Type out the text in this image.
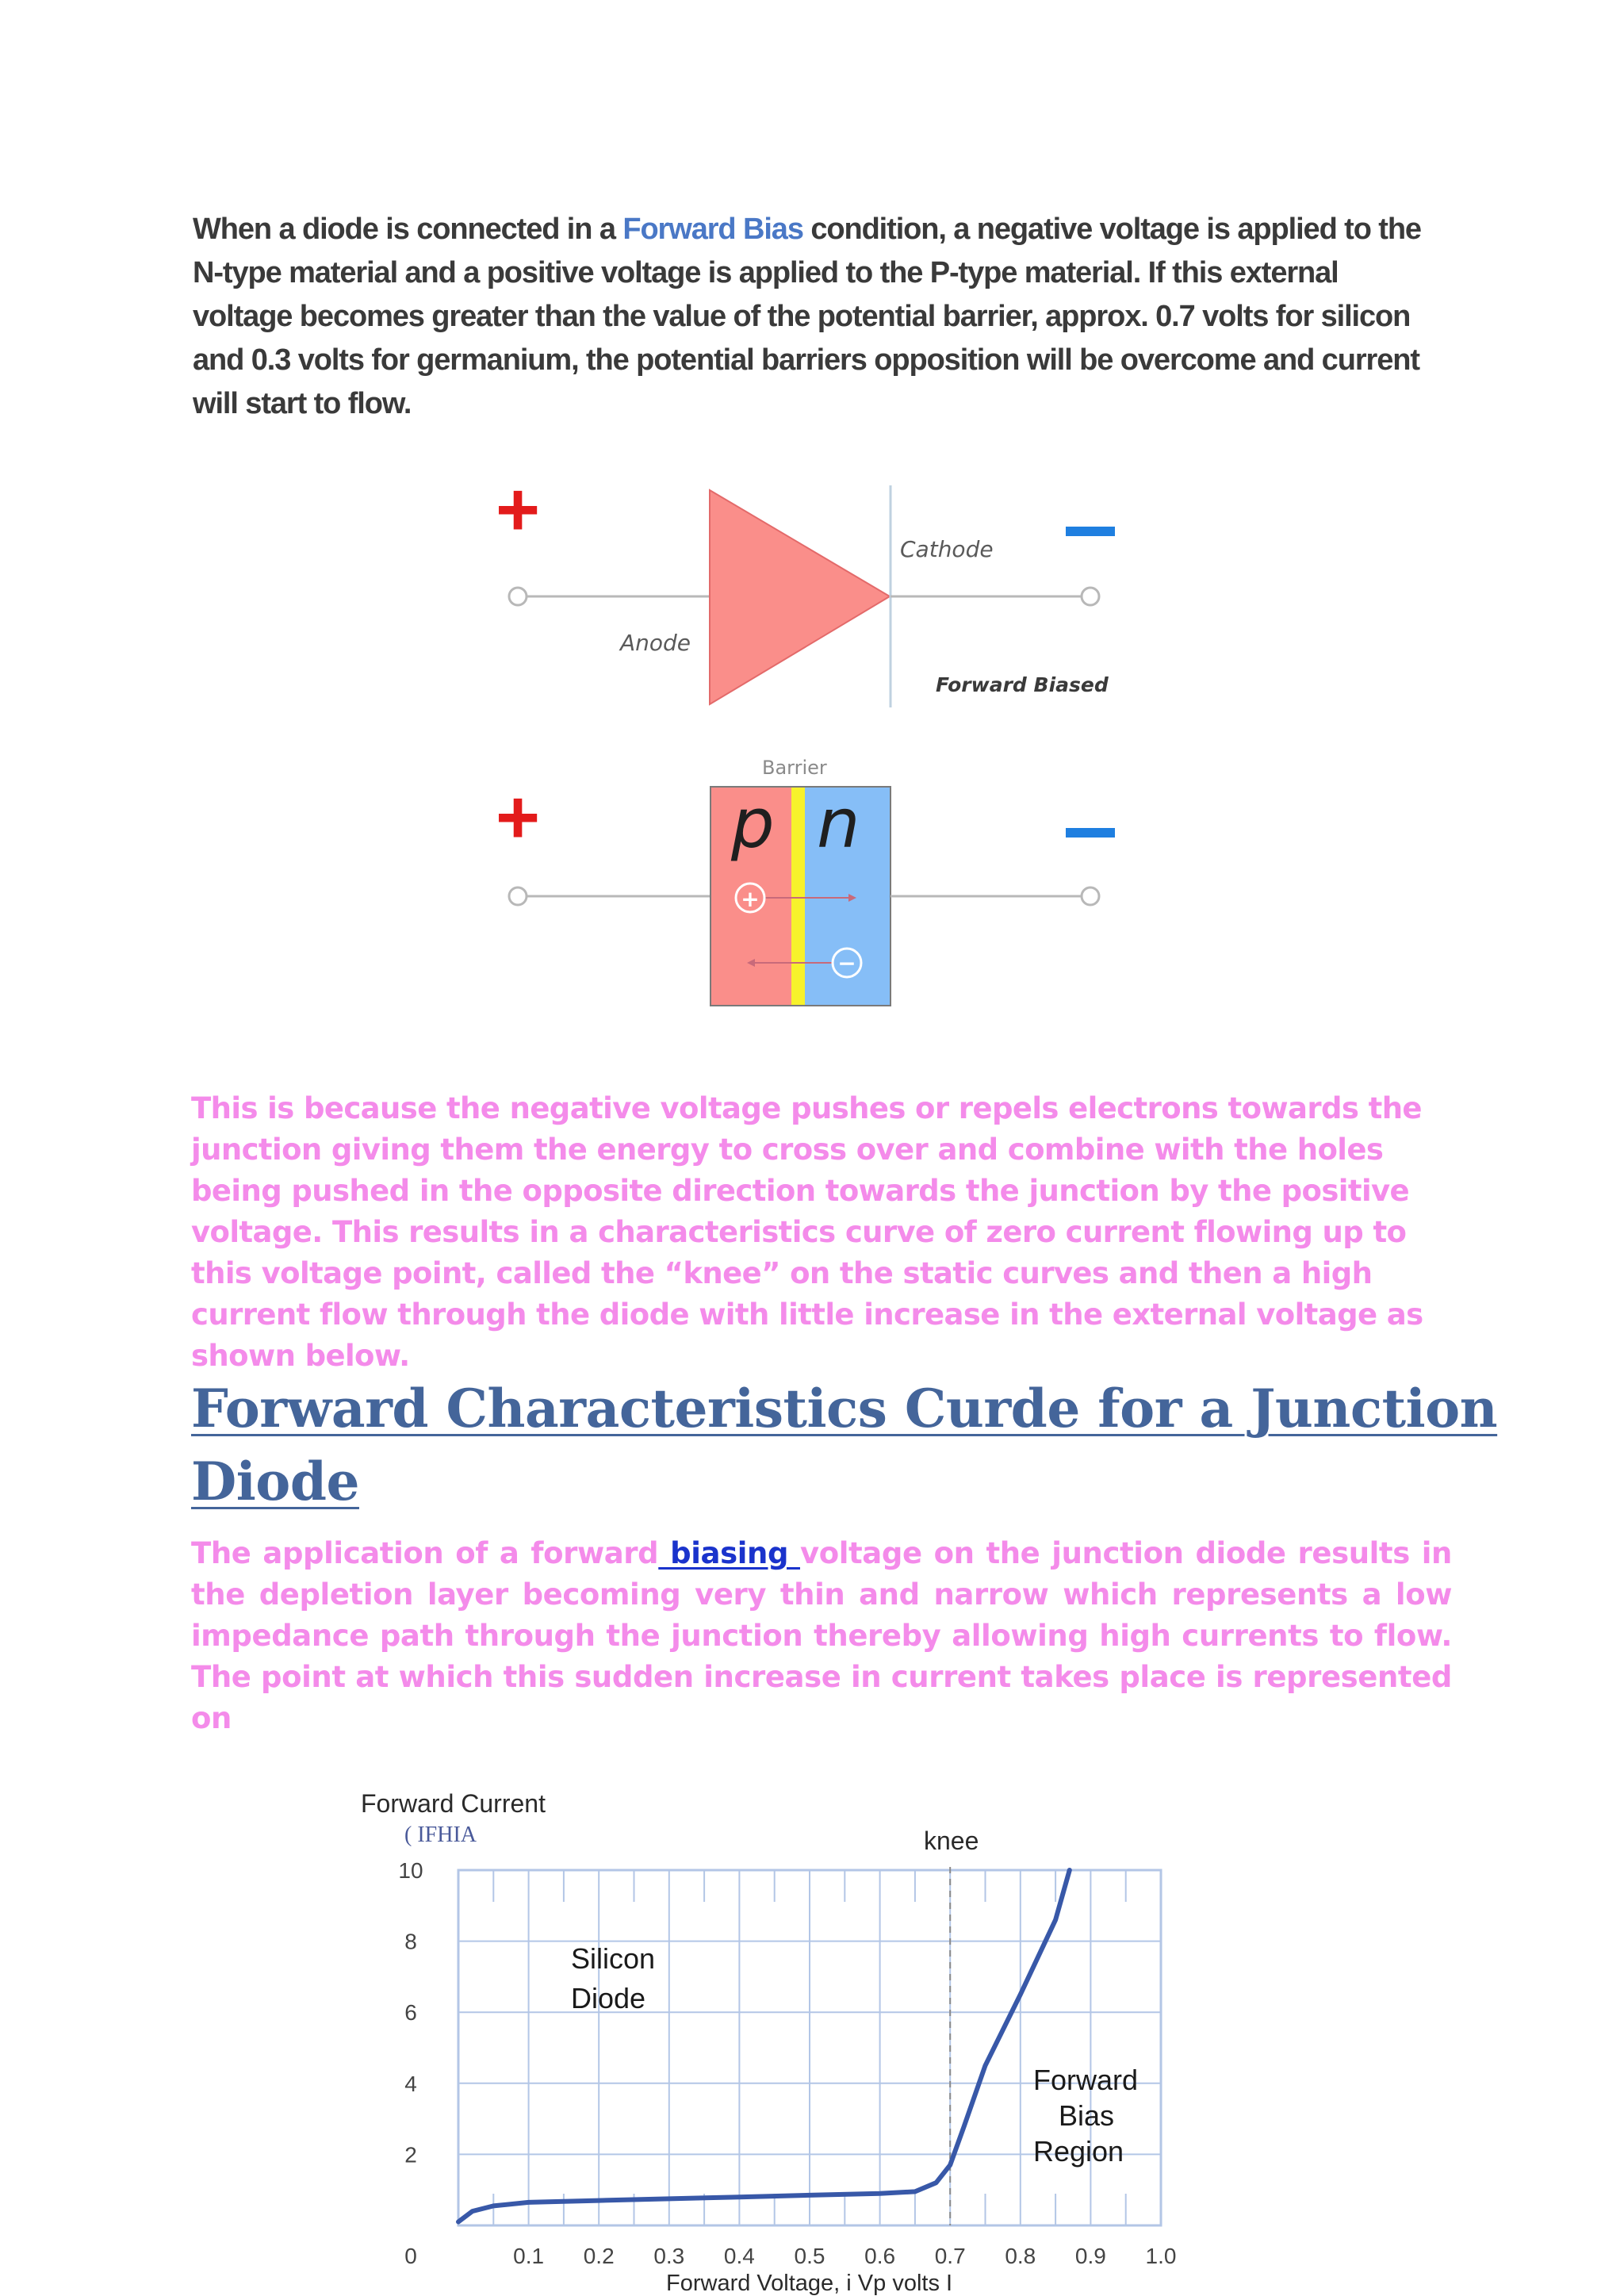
When a diode is connected in a Forward Bias condition, a negative voltage is applied to the N-type material and a positive voltage is applied to the P-type material. If this external voltage becomes greater than the value of the potential barrier, approx. 0.7 volts for silicon and 0.3 volts for germanium, the potential barriers opposition will be overcome and current will start to flow.

+	Cathode
Anode
Forward Biased
Barrier
+	p n
+
−

This is because the negative voltage pushes or repels electrons towards the junction giving them the energy to cross over and combine with the holes being pushed in the opposite direction towards the junction by the positive voltage. This results in a characteristics curve of zero current flowing up to this voltage point, called the “knee” on the static curves and then a high current flow through the diode with little increase in the external voltage as shown below.

Forward Characteristics Curde for a Junction Diode

The application of a forward biasing voltage on the junction diode results in the depletion layer becoming very thin and narrow which represents a low impedance path through the junction thereby allowing high currents to flow. The point at which this sudden increase in current takes place is represented on

0.1 0.2 0.3 0.4 0.5 0.6 0.7 0.8 0.9 1.0
0
2
4
6
8
10
Forward Current
( IFHIA
Forward Voltage, i Vp volts I
knee
Silicon
Diode
Forward
Bias
Region
